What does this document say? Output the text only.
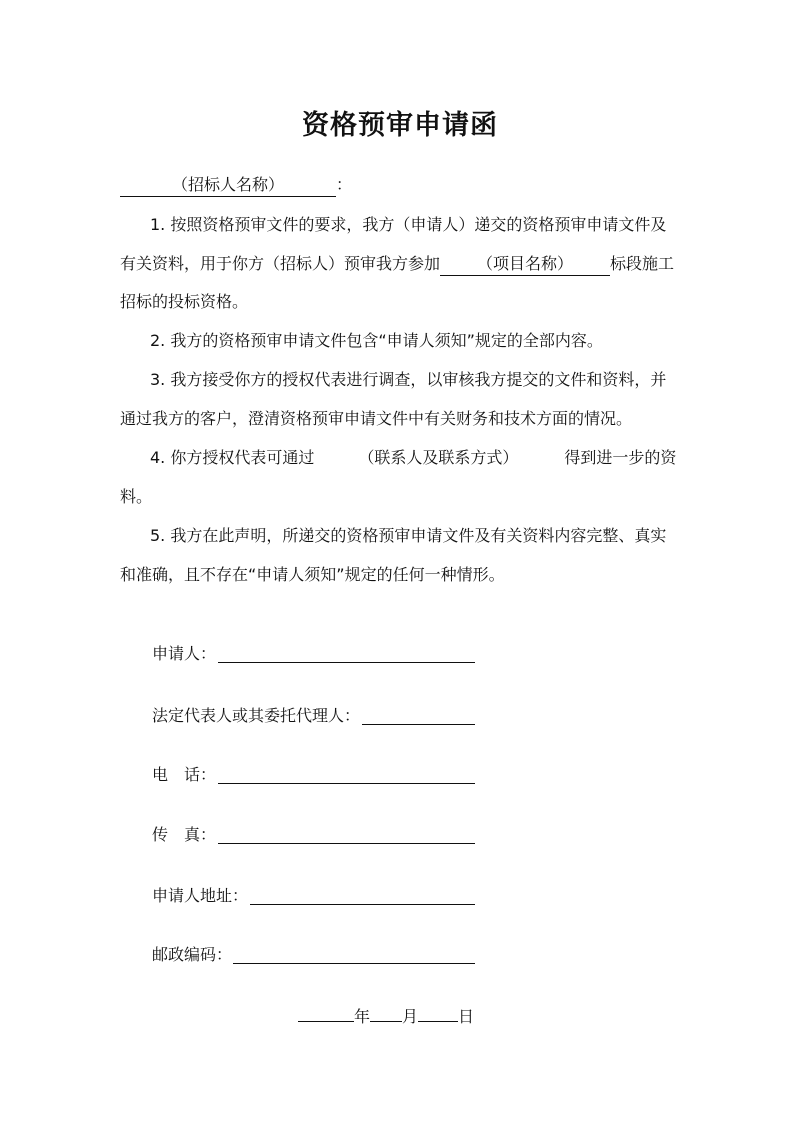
资格预审申请函
（招标人名称）	：
1. 按照资格预审文件的要求，我方（申请人）递交的资格预审申请文件及
有关资料，用于你方（招标人）预审我方参加 （项目名称） 标段施工
招标的投标资格。
2. 我方的资格预审申请文件包含“申请人须知”规定的全部内容。
3. 我方接受你方的授权代表进行调查，以审核我方提交的文件和资料，并
通过我方的客户，澄清资格预审申请文件中有关财务和技术方面的情况。
4. 你方授权代表可通过	（联系人及联系方式）	得到进一步的资
料。
5. 我方在此声明，所递交的资格预审申请文件及有关资料内容完整、真实
和准确，且不存在“申请人须知”规定的任何一种情形。
申请人：
法定代表人或其委托代理人：
电　话：
传　真：
申请人地址：
邮政编码：
年 月	日
